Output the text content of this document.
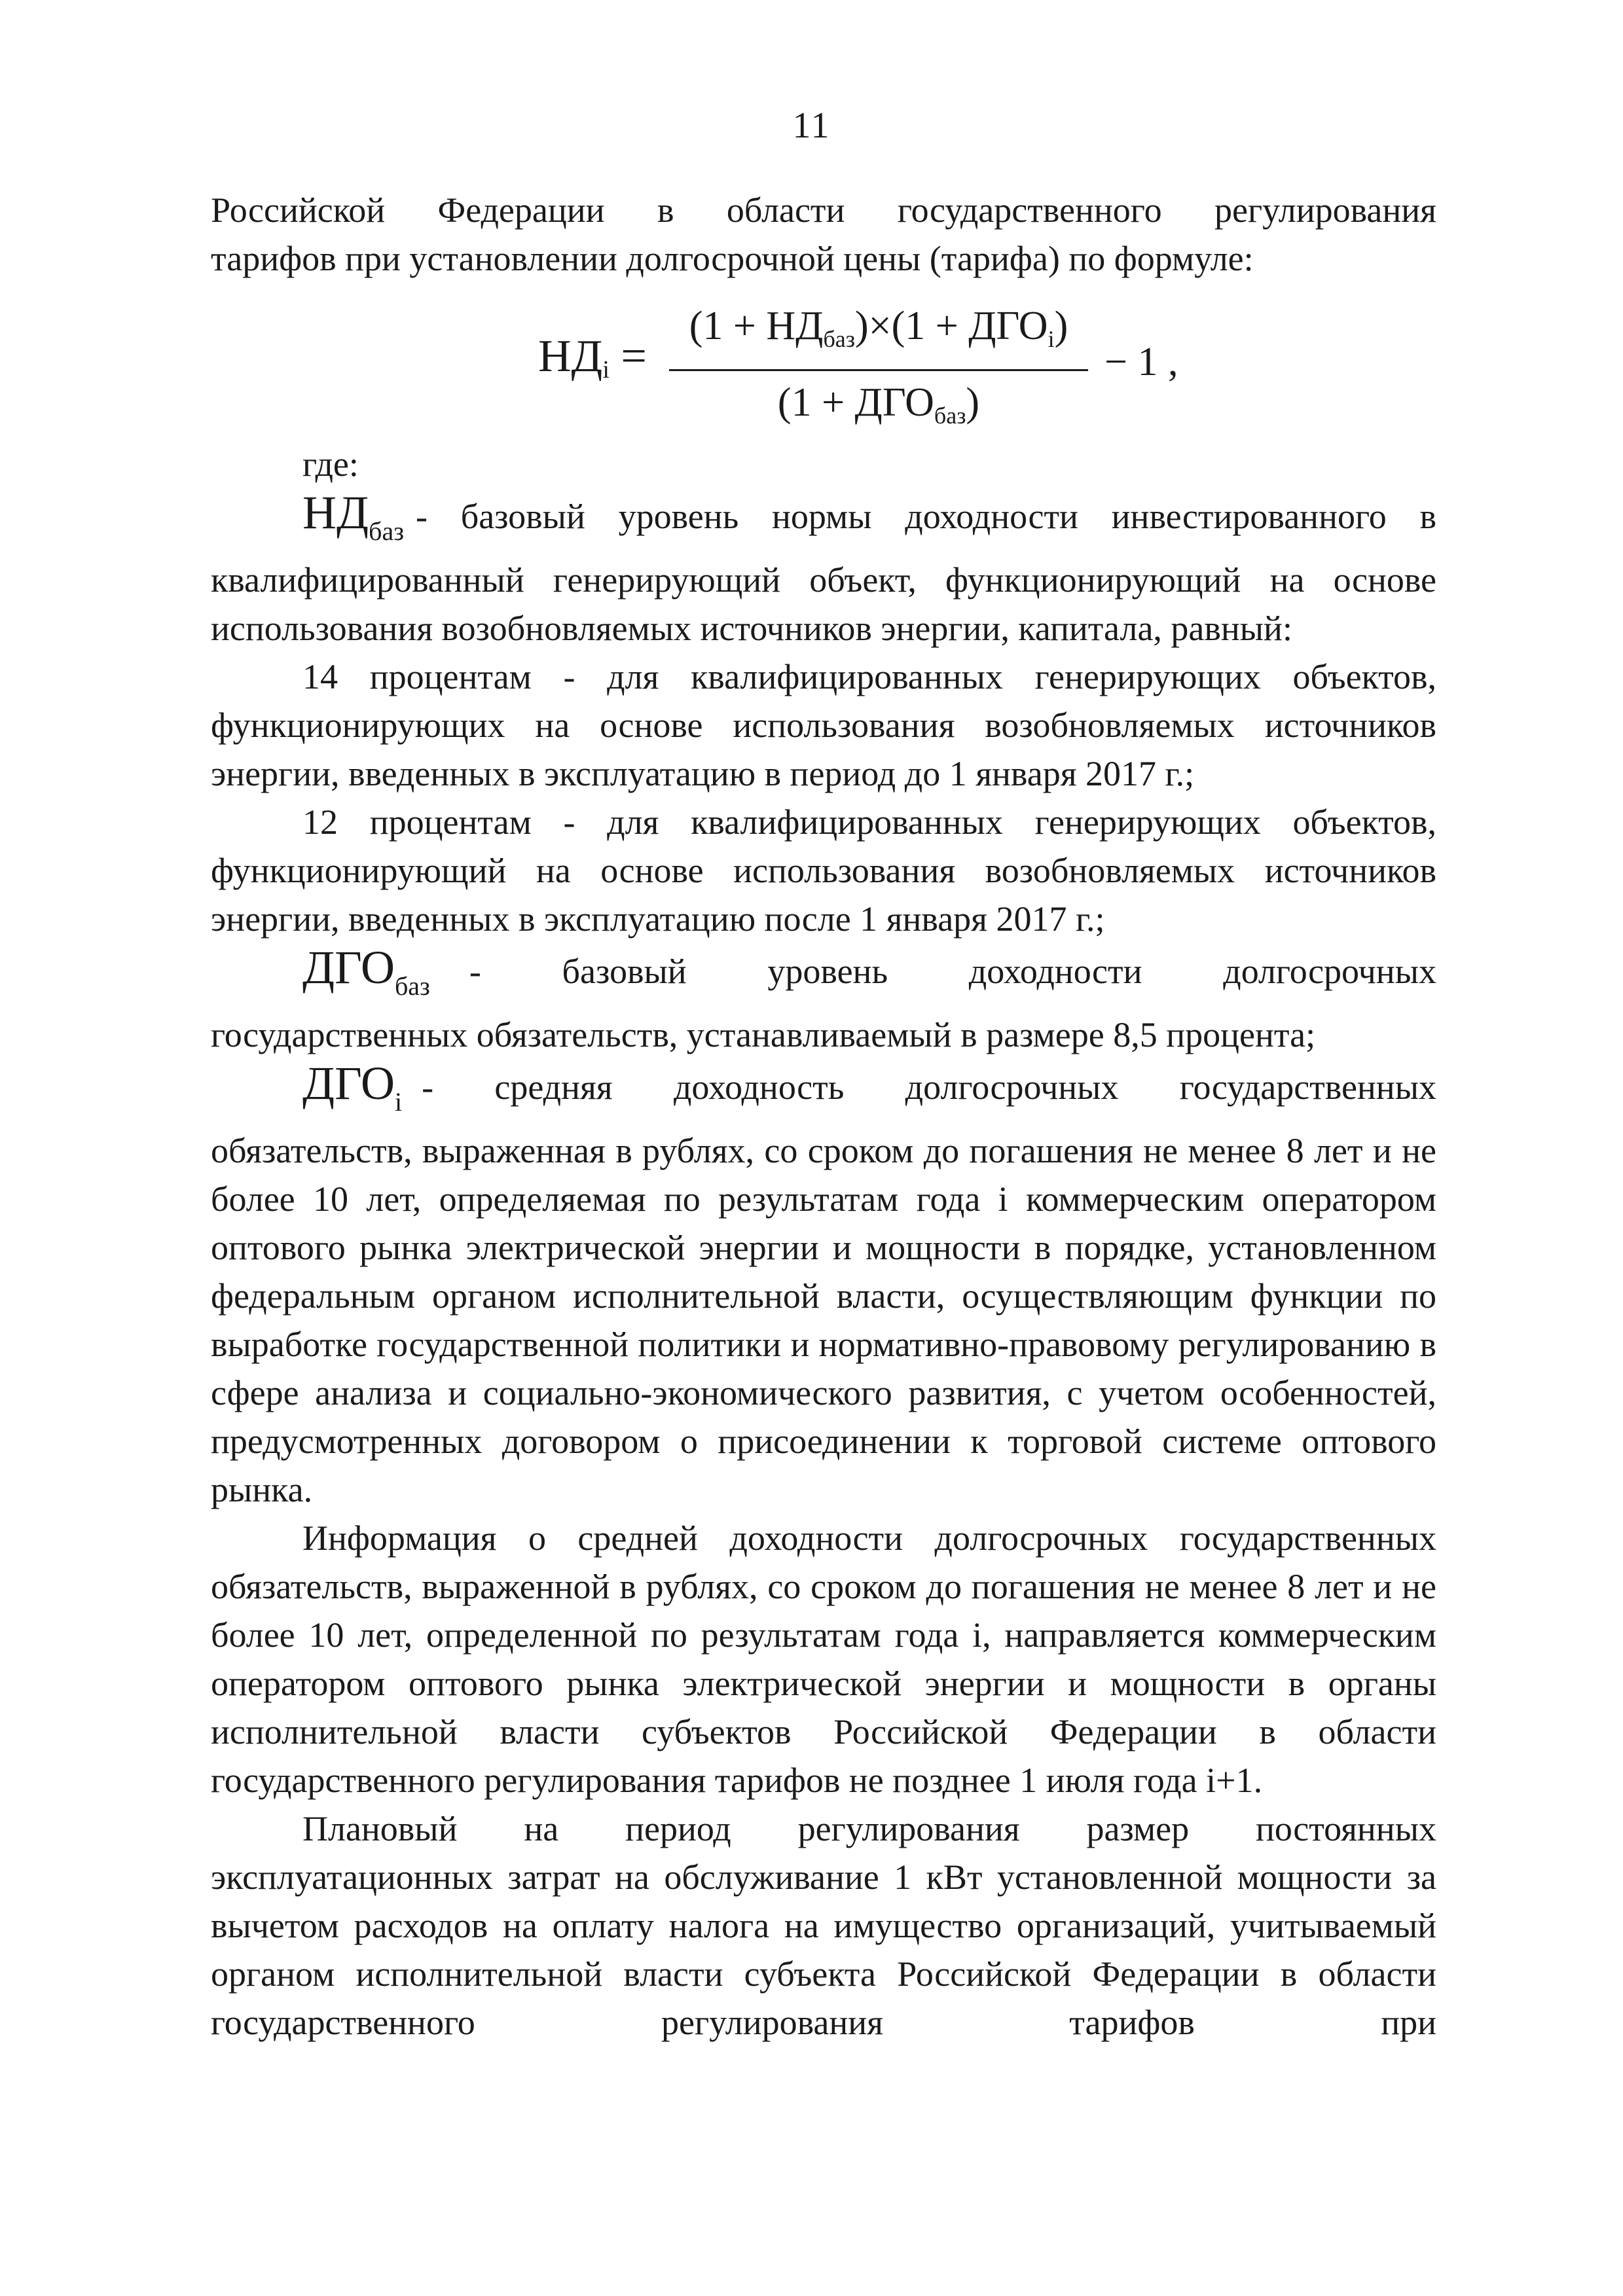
11
Российской Федерации в области государственного регулирования
тарифов при установлении долгосрочной цены (тарифа) по формуле:
$НД_i$ =
$(1 + НД_{баз})\times(1 + ДГО_i)$
$(1 + ДГО_{баз})$
− 1 ,
где:
$НД_{баз}$ - базовый уровень нормы доходности инвестированного в

квалифицированный генерирующий объект, функционирующий на основе использования возобновляемых источников энергии, капитала, равный:

14 процентам - для квалифицированных генерирующих объектов, функционирующих на основе использования возобновляемых источников энергии, введенных в эксплуатацию в период до 1 января 2017 г.;

12 процентам - для квалифицированных генерирующих объектов, функционирующий на основе использования возобновляемых источников энергии, введенных в эксплуатацию после 1 января 2017 г.;

$ДГО_{баз}$ - базовый уровень доходности долгосрочных

государственных обязательств, устанавливаемый в размере 8,5 процента;

$ДГО_i$ - средняя доходность долгосрочных государственных

обязательств, выраженная в рублях, со сроком до погашения не менее 8 лет и не более 10 лет, определяемая по результатам года i коммерческим оператором оптового рынка электрической энергии и мощности в порядке, установленном федеральным органом исполнительной власти, осуществляющим функции по выработке государственной политики и нормативно-правовому регулированию в сфере анализа и социально-экономического развития, с учетом особенностей, предусмотренных договором о присоединении к торговой системе оптового рынка.

Информация о средней доходности долгосрочных государственных обязательств, выраженной в рублях, со сроком до погашения не менее 8 лет и не более 10 лет, определенной по результатам года i, направляется коммерческим оператором оптового рынка электрической энергии и мощности в органы исполнительной власти субъектов Российской Федерации в области государственного регулирования тарифов не позднее 1 июля года i+1.

Плановый на период регулирования размер постоянных эксплуатационных затрат на обслуживание 1 кВт установленной мощности за вычетом расходов на оплату налога на имущество организаций, учитываемый органом исполнительной власти субъекта Российской Федерации в области государственного регулирования тарифов при
